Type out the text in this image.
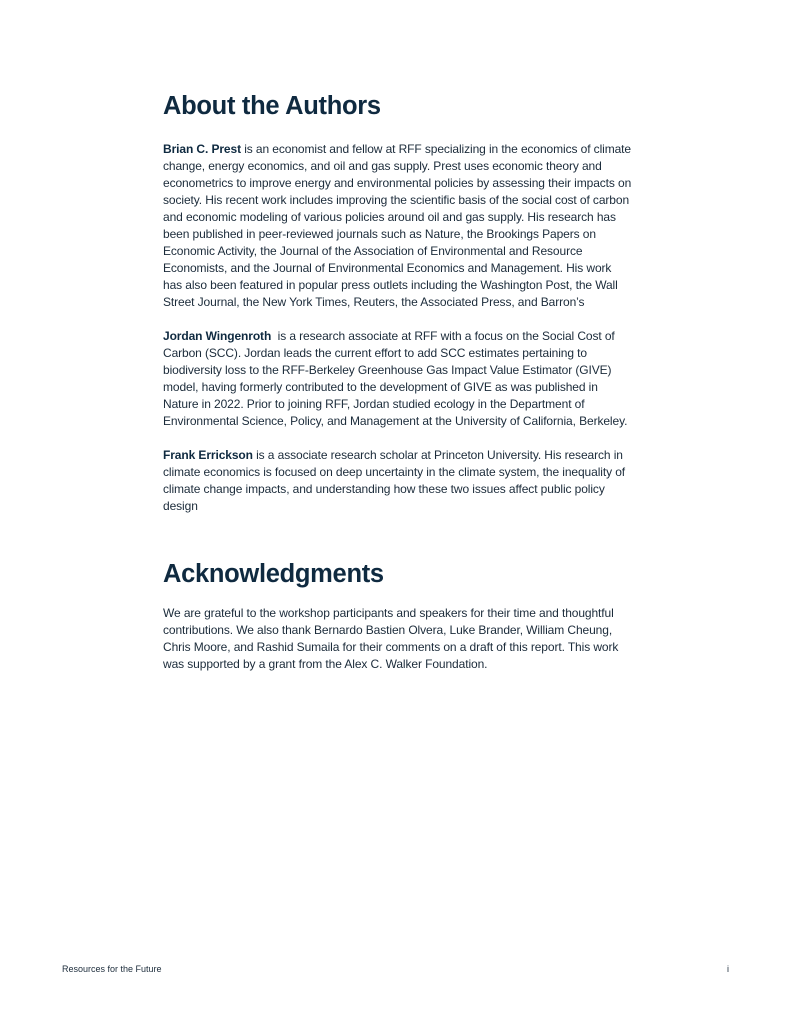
About the Authors

Brian C. Prest is an economist and fellow at RFF specializing in the economics of climate change, energy economics, and oil and gas supply. Prest uses economic theory and econometrics to improve energy and environmental policies by assessing their impacts on society. His recent work includes improving the scientific basis of the social cost of carbon and economic modeling of various policies around oil and gas supply. His research has been published in peer-reviewed journals such as Nature, the Brookings Papers on Economic Activity, the Journal of the Association of Environmental and Resource Economists, and the Journal of Environmental Economics and Management. His work has also been featured in popular press outlets including the Washington Post, the Wall Street Journal, the New York Times, Reuters, the Associated Press, and Barron’s

Jordan Wingenroth  is a research associate at RFF with a focus on the Social Cost of Carbon (SCC). Jordan leads the current effort to add SCC estimates pertaining to biodiversity loss to the RFF-Berkeley Greenhouse Gas Impact Value Estimator (GIVE) model, having formerly contributed to the development of GIVE as was published in Nature in 2022. Prior to joining RFF, Jordan studied ecology in the Department of Environmental Science, Policy, and Management at the University of California, Berkeley.

Frank Errickson is a associate research scholar at Princeton University. His research in climate economics is focused on deep uncertainty in the climate system, the inequality of climate change impacts, and understanding how these two issues affect public policy design

Acknowledgments

We are grateful to the workshop participants and speakers for their time and thoughtful contributions. We also thank Bernardo Bastien Olvera, Luke Brander, William Cheung, Chris Moore, and Rashid Sumaila for their comments on a draft of this report. This work was supported by a grant from the Alex C. Walker Foundation.

Resources for the Future	i
